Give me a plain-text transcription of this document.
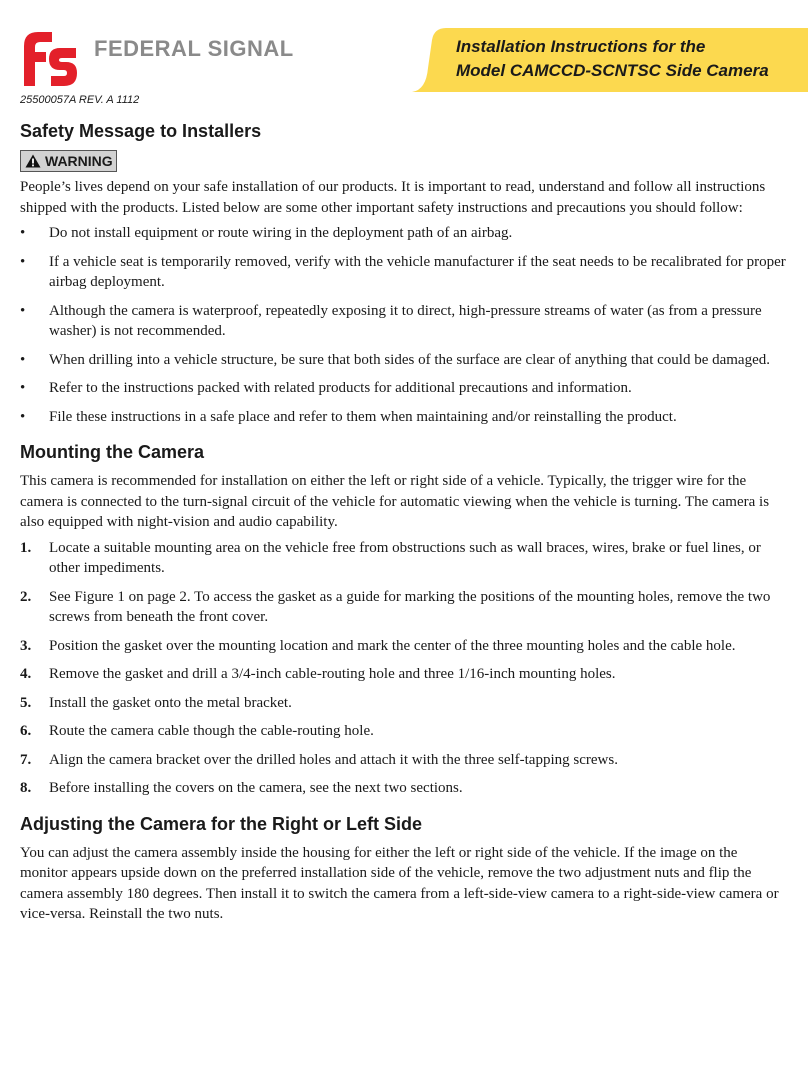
FEDERAL SIGNAL	Installation Instructions for the
Model CAMCCD-SCNTSC Side Camera
25500057A REV. A 1112
Safety Message to Installers
WARNING

People’s lives depend on your safe installation of our products. It is important to read, understand and follow all instructions shipped with the products. Listed below are some other important safety instructions and precautions you should follow:

• Do not install equipment or route wiring in the deployment path of an airbag.
• If a vehicle seat is temporarily removed, verify with the vehicle manufacturer if the seat needs to be recalibrated for proper airbag deployment.
• Although the camera is waterproof, repeatedly exposing it to direct, high-pressure streams of water (as from a pressure washer) is not recommended.
• When drilling into a vehicle structure, be sure that both sides of the surface are clear of anything that could be damaged.
• Refer to the instructions packed with related products for additional precautions and information.
• File these instructions in a safe place and refer to them when maintaining and/or reinstalling the product.
Mounting the Camera

This camera is recommended for installation on either the left or right side of a vehicle. Typically, the trigger wire for the camera is connected to the turn-signal circuit of the vehicle for automatic viewing when the vehicle is turning. The camera is also equipped with night-vision and audio capability.

1. Locate a suitable mounting area on the vehicle free from obstructions such as wall braces, wires, brake or fuel lines, or other impediments.
2. See Figure 1 on page 2. To access the gasket as a guide for marking the positions of the mounting holes, remove the two screws from beneath the front cover.
3. Position the gasket over the mounting location and mark the center of the three mounting holes and the cable hole.
4. Remove the gasket and drill a 3/4-inch cable-routing hole and three 1/16-inch mounting holes.
5. Install the gasket onto the metal bracket.
6. Route the camera cable though the cable-routing hole.
7. Align the camera bracket over the drilled holes and attach it with the three self-tapping screws.
8. Before installing the covers on the camera, see the next two sections.
Adjusting the Camera for the Right or Left Side

You can adjust the camera assembly inside the housing for either the left or right side of the vehicle. If the image on the monitor appears upside down on the preferred installation side of the vehicle, remove the two adjustment nuts and flip the camera assembly 180 degrees. Then install it to switch the camera from a left-side-view camera to a right-side-view camera or vice-versa. Reinstall the two nuts.
